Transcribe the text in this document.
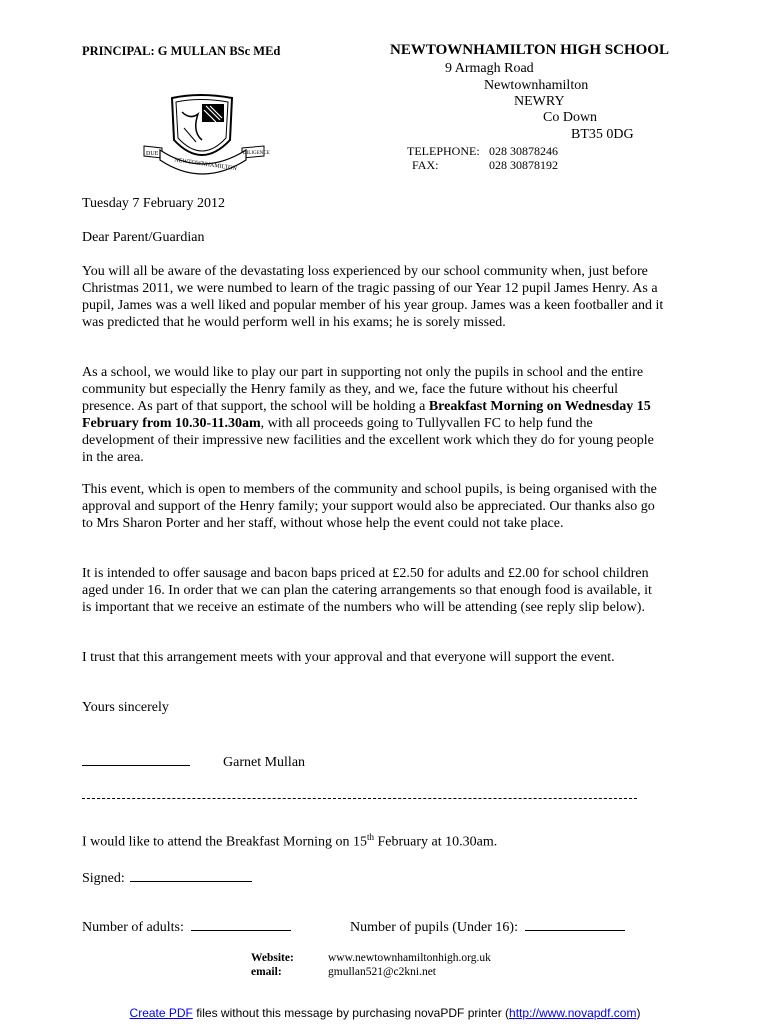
PRINCIPAL: G MULLAN BSc MEd	NEWTOWNHAMILTON HIGH SCHOOL
9 Armagh Road
Newtownhamilton
NEWRY
Co Down
BT35 0DG
TELEPHONE: 028 30878246
FAX:	028 30878192
DUE	DILIGENCE
NEWTOWNHAMILTON
Tuesday 7 February 2012
Dear Parent/Guardian

You will all be aware of the devastating loss experienced by our school community when, just before Christmas 2011, we were numbed to learn of the tragic passing of our Year 12 pupil James Henry. As a pupil, James was a well liked and popular member of his year group. James was a keen footballer and it was predicted that he would perform well in his exams; he is sorely missed.

As a school, we would like to play our part in supporting not only the pupils in school and the entire community but especially the Henry family as they, and we, face the future without his cheerful presence. As part of that support, the school will be holding a Breakfast Morning on Wednesday 15 February from 10.30-11.30am, with all proceeds going to Tullyvallen FC to help fund the development of their impressive new facilities and the excellent work which they do for young people in the area.

This event, which is open to members of the community and school pupils, is being organised with the approval and support of the Henry family; your support would also be appreciated. Our thanks also go to Mrs Sharon Porter and her staff, without whose help the event could not take place.

It is intended to offer sausage and bacon baps priced at £2.50 for adults and £2.00 for school children aged under 16. In order that we can plan the catering arrangements so that enough food is available, it is important that we receive an estimate of the numbers who will be attending (see reply slip below).

I trust that this arrangement meets with your approval and that everyone will support the event.

Yours sincerely
Garnet Mullan
I would like to attend the Breakfast Morning on 15th February at 10.30am.
Signed:
Number of adults:	Number of pupils (Under 16):
Website:	www.newtownhamiltonhigh.org.uk
email:	gmullan521@c2kni.net
Create PDF files without this message by purchasing novaPDF printer (http://www.novapdf.com)
